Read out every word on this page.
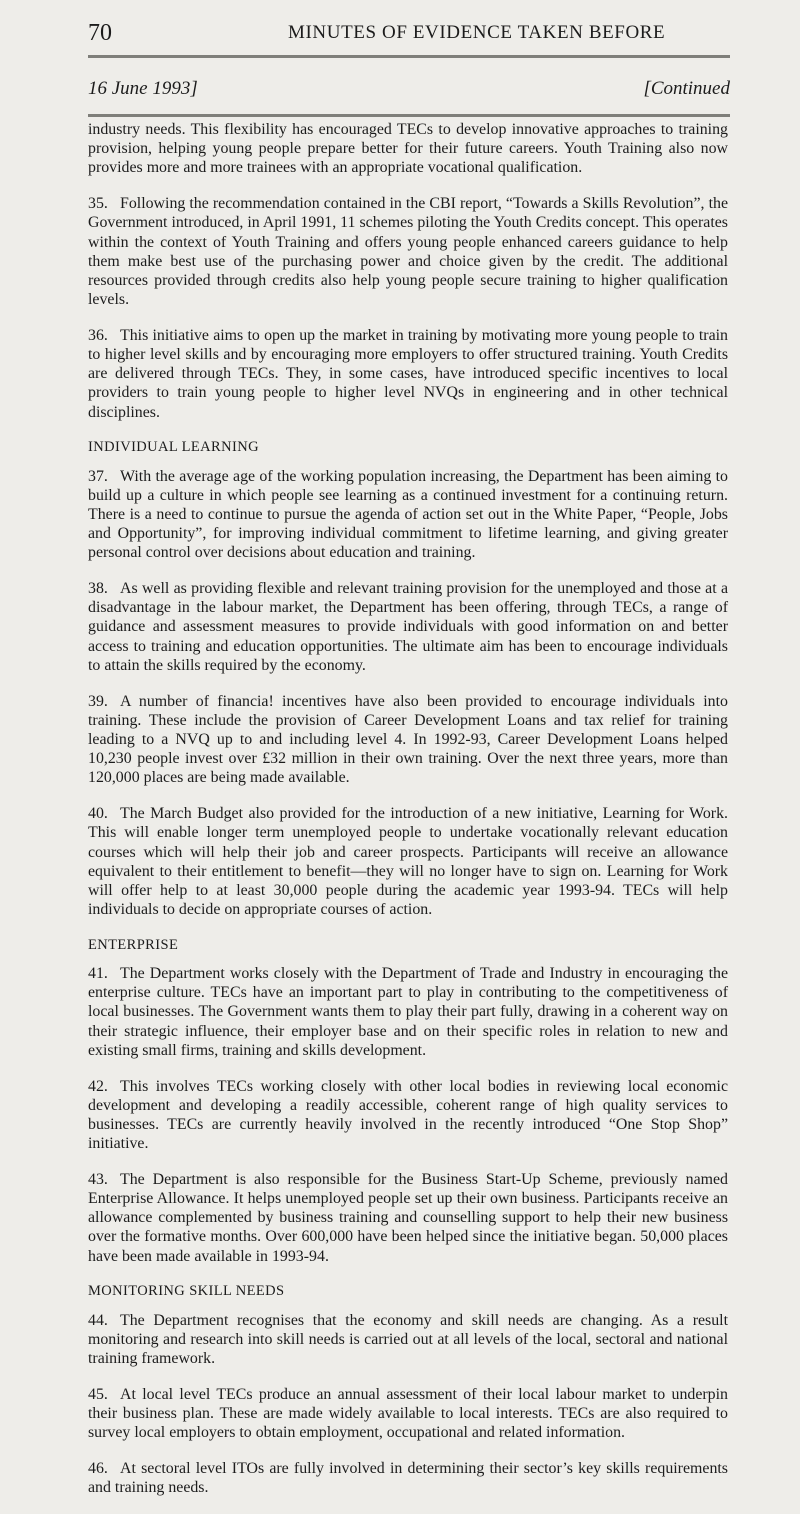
70	MINUTES OF EVIDENCE TAKEN BEFORE
16 June 1993]	[Continued

industry needs. This flexibility has encouraged TECs to develop innovative approaches to training provision, helping young people prepare better for their future careers. Youth Training also now provides more and more trainees with an appropriate vocational qualification.

35. Following the recommendation contained in the CBI report, “Towards a Skills Revolution”, the Government introduced, in April 1991, 11 schemes piloting the Youth Credits concept. This operates within the context of Youth Training and offers young people enhanced careers guidance to help them make best use of the purchasing power and choice given by the credit. The additional resources provided through credits also help young people secure training to higher qualification levels.

36. This initiative aims to open up the market in training by motivating more young people to train to higher level skills and by encouraging more employers to offer structured training. Youth Credits are delivered through TECs. They, in some cases, have introduced specific incentives to local providers to train young people to higher level NVQs in engineering and in other technical disciplines.

INDIVIDUAL LEARNING

37. With the average age of the working population increasing, the Department has been aiming to build up a culture in which people see learning as a continued investment for a continuing return. There is a need to continue to pursue the agenda of action set out in the White Paper, “People, Jobs and Opportunity”, for improving individual commitment to lifetime learning, and giving greater personal control over decisions about education and training.

38. As well as providing flexible and relevant training provision for the unemployed and those at a disadvantage in the labour market, the Department has been offering, through TECs, a range of guidance and assessment measures to provide individuals with good information on and better access to training and education opportunities. The ultimate aim has been to encourage individuals to attain the skills required by the economy.

39. A number of financia! incentives have also been provided to encourage individuals into training. These include the provision of Career Development Loans and tax relief for training leading to a NVQ up to and including level 4. In 1992-93, Career Development Loans helped 10,230 people invest over £32 million in their own training. Over the next three years, more than 120,000 places are being made available.

40. The March Budget also provided for the introduction of a new initiative, Learning for Work. This will enable longer term unemployed people to undertake vocationally relevant education courses which will help their job and career prospects. Participants will receive an allowance equivalent to their entitlement to benefit—they will no longer have to sign on. Learning for Work will offer help to at least 30,000 people during the academic year 1993-94. TECs will help individuals to decide on appropriate courses of action.

ENTERPRISE

41. The Department works closely with the Department of Trade and Industry in encouraging the enterprise culture. TECs have an important part to play in contributing to the competitiveness of local businesses. The Government wants them to play their part fully, drawing in a coherent way on their strategic influence, their employer base and on their specific roles in relation to new and existing small firms, training and skills development.

42. This involves TECs working closely with other local bodies in reviewing local economic development and developing a readily accessible, coherent range of high quality services to businesses. TECs are currently heavily involved in the recently introduced “One Stop Shop” initiative.

43. The Department is also responsible for the Business Start-Up Scheme, previously named Enterprise Allowance. It helps unemployed people set up their own business. Participants receive an allowance complemented by business training and counselling support to help their new business over the formative months. Over 600,000 have been helped since the initiative began. 50,000 places have been made available in 1993-94.

MONITORING SKILL NEEDS

44. The Department recognises that the economy and skill needs are changing. As a result monitoring and research into skill needs is carried out at all levels of the local, sectoral and national training framework.

45. At local level TECs produce an annual assessment of their local labour market to underpin their business plan. These are made widely available to local interests. TECs are also required to survey local employers to obtain employment, occupational and related information.

46. At sectoral level ITOs are fully involved in determining their sector’s key skills requirements and training needs.
